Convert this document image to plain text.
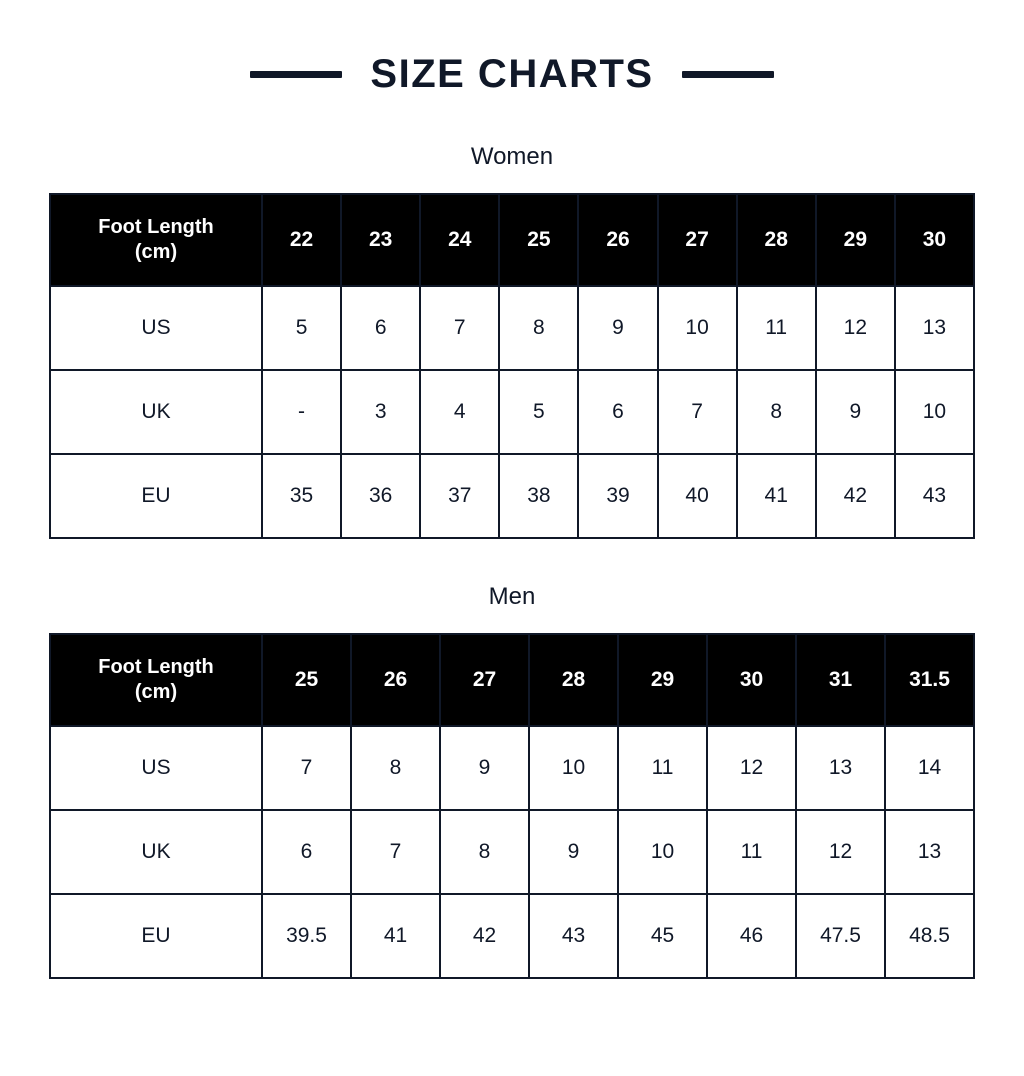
SIZE CHARTS
Women
Foot Length
(cm)	22	23	24	25	26	27	28	29	30
US	5	6	7	8	9	10	11	12	13
UK	-	3	4	5	6	7	8	9	10
EU	35	36	37	38	39	40	41	42	43
Men
Foot Length
(cm)	25	26	27	28	29	30	31	31.5
US	7	8	9	10	11	12	13	14
UK	6	7	8	9	10	11	12	13
EU	39.5	41	42	43	45	46	47.5	48.5
